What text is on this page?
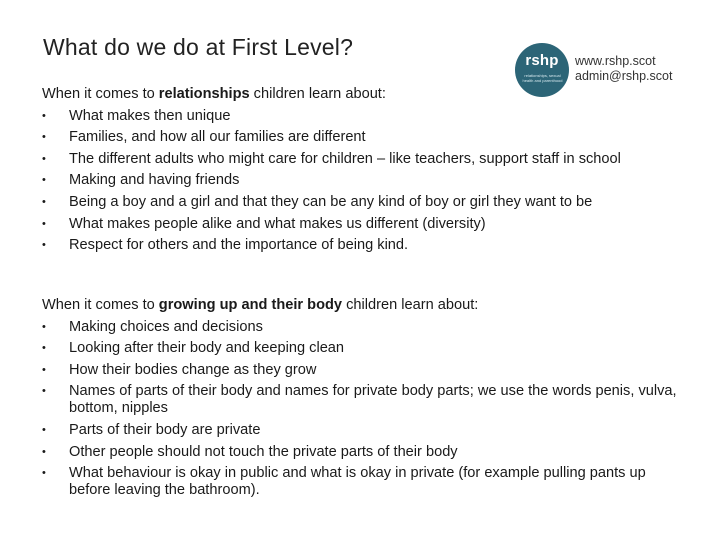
What do we do at First Level?
rshp
relationships, sexual health and parenthood
www.rshp.scot
admin@rshp.scot

When it comes to relationships children learn about:

•	What makes then unique
•	Families, and how all our families are different
•	The different adults who might care for children – like teachers, support staff in school
•	Making and having friends
•	Being a boy and a girl and that they can be any kind of boy or girl they want to be
•	What makes people alike and what makes us different (diversity)
•	Respect for others and the importance of being kind.

When it comes to growing up and their body children learn about:

•	Making choices and decisions
•	Looking after their body and keeping clean
•	How their bodies change as they grow
•	Names of parts of their body and names for private body parts; we use the words penis, vulva, bottom, nipples
•	Parts of their body are private
•	Other people should not touch the private parts of their body
•	What behaviour is okay in public and what is okay in private (for example pulling pants up before leaving the bathroom).
